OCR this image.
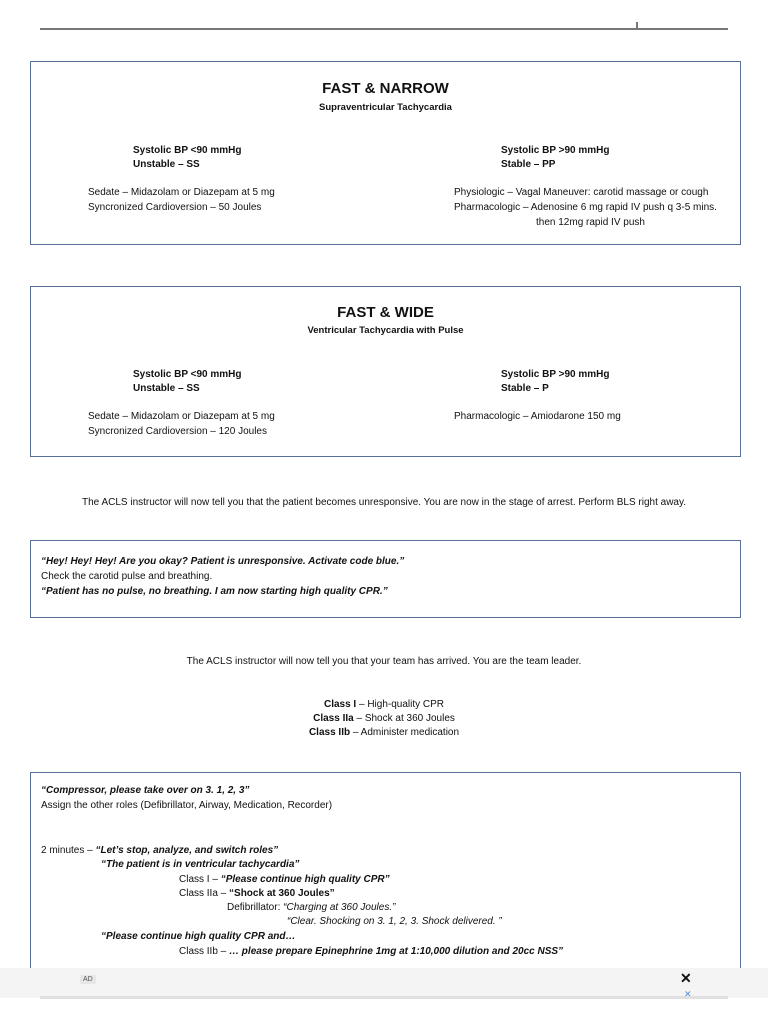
FAST & NARROW
Supraventricular Tachycardia
Systolic BP <90 mmHg
Unstable – SS
Sedate – Midazolam or Diazepam at 5 mg
Syncronized Cardioversion – 50 Joules
Systolic BP >90 mmHg
Stable – PP
Physiologic – Vagal Maneuver: carotid massage or cough
Pharmacologic – Adenosine 6 mg rapid IV push q 3-5 mins.
then 12mg rapid IV push
FAST & WIDE
Ventricular Tachycardia with Pulse
Systolic BP <90 mmHg
Unstable – SS
Sedate – Midazolam or Diazepam at 5 mg
Syncronized Cardioversion – 120 Joules
Systolic BP >90 mmHg
Stable – P
Pharmacologic – Amiodarone 150 mg
The ACLS instructor will now tell you that the patient becomes unresponsive. You are now in the stage of arrest. Perform BLS right away.
“Hey! Hey! Hey! Are you okay? Patient is unresponsive. Activate code blue.”
Check the carotid pulse and breathing.
“Patient has no pulse, no breathing. I am now starting high quality CPR.”
The ACLS instructor will now tell you that your team has arrived. You are the team leader.
Class I – High-quality CPR
Class IIa – Shock at 360 Joules
Class IIb – Administer medication
“Compressor, please take over on 3. 1, 2, 3”
Assign the other roles (Defibrillator, Airway, Medication, Recorder)
2 minutes – “Let’s stop, analyze, and switch roles”
“The patient is in ventricular tachycardia”
Class I – “Please continue high quality CPR”
Class IIa – “Shock at 360 Joules”
Defibrillator: “Charging at 360 Joules.”
“Clear. Shocking on 3. 1, 2, 3. Shock delivered. ”
“Please continue high quality CPR and…
Class IIb – … please prepare Epinephrine 1mg at 1:10,000 dilution and 20cc NSS”
AD	✕
✕
